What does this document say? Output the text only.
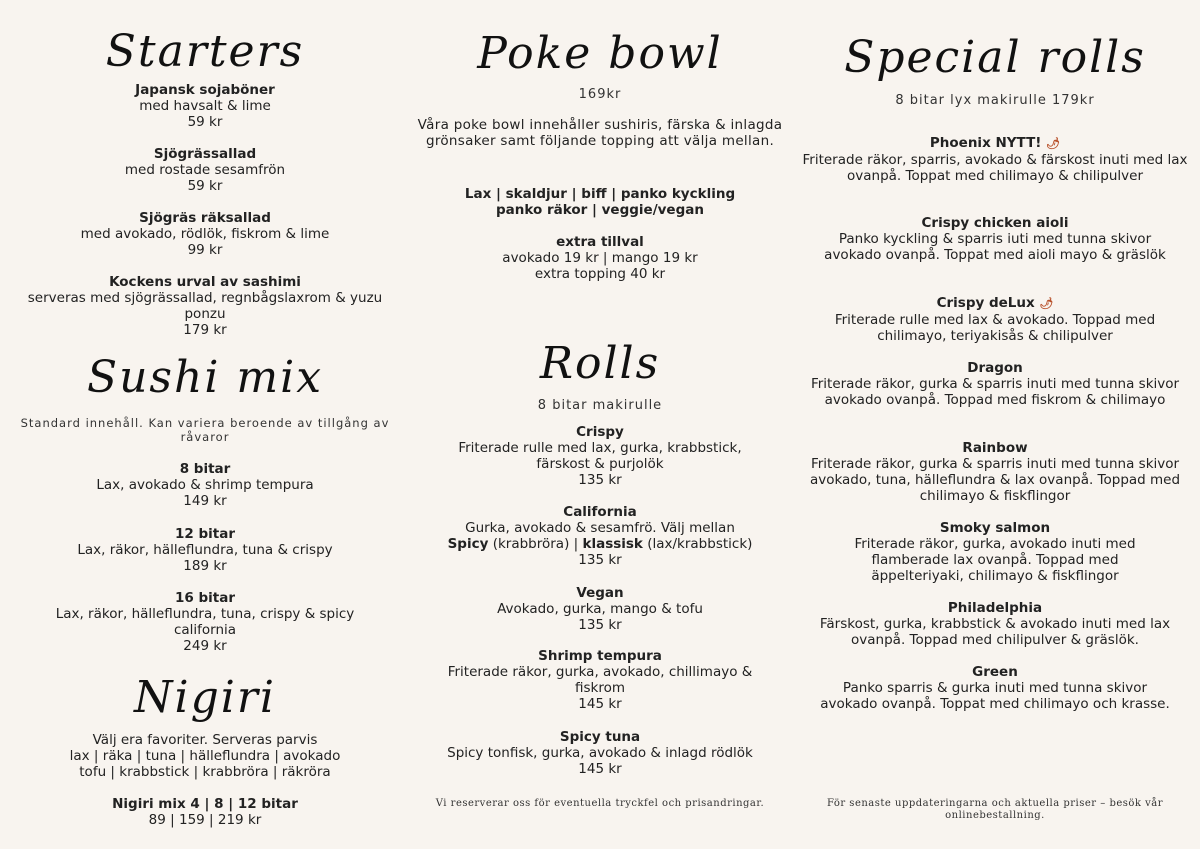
Starters

Japansk sojaböner

med havsalt & lime

59 kr

Sjögrässallad

med rostade sesamfrön

59 kr

Sjögräs räksallad

med avokado, rödlök, fiskrom & lime

99 kr

Kockens urval av sashimi

serveras med sjögrässallad, regnbågslaxrom & yuzu ponzu

179 kr

Sushi mix
Standard innehåll. Kan variera beroende av tillgång av råvaror

8 bitar

Lax, avokado & shrimp tempura

149 kr

12 bitar

Lax, räkor, hälleflundra, tuna & crispy

189 kr

16 bitar

Lax, räkor, hälleflundra, tuna, crispy & spicy california

249 kr

Nigiri

Välj era favoriter. Serveras parvis

lax | räka | tuna | hälleflundra | avokado

tofu | krabbstick | krabbröra | räkröra

Nigiri mix 4 | 8 | 12 bitar

89 | 159 | 219 kr

Poke bowl
169kr
Våra poke bowl innehåller sushiris, färska & inlagda grönsaker samt följande topping att välja mellan.

Lax | skaldjur | biff | panko kyckling

panko räkor | veggie/vegan

extra tillval

avokado 19 kr | mango 19 kr

extra topping 40 kr

Rolls
8 bitar makirulle

Crispy

Friterade rulle med lax, gurka, krabbstick, färskost & purjolök

135 kr

California

Gurka, avokado & sesamfrö. Välj mellan

Spicy (krabbröra) | klassisk (lax/krabbstick)

135 kr

Vegan

Avokado, gurka, mango & tofu

135 kr

Shrimp tempura

Friterade räkor, gurka, avokado, chillimayo & fiskrom

145 kr

Spicy tuna

Spicy tonfisk, gurka, avokado & inlagd rödlök

145 kr

Vi reserverar oss för eventuella tryckfel och prisandringar.
Special rolls
8 bitar lyx makirulle 179kr

Phoenix NYTT! 🌶

Friterade räkor, sparris, avokado & färskost inuti med lax ovanpå. Toppat med chilimayo & chilipulver

Crispy chicken aioli

Panko kyckling & sparris iuti med tunna skivor avokado ovanpå. Toppat med aioli mayo & gräslök

Crispy deLux 🌶

Friterade rulle med lax & avokado. Toppad med chilimayo, teriyakisås & chilipulver

Dragon

Friterade räkor, gurka & sparris inuti med tunna skivor avokado ovanpå. Toppad med fiskrom & chilimayo

Rainbow

Friterade räkor, gurka & sparris inuti med tunna skivor avokado, tuna, hälleflundra & lax ovanpå. Toppad med chilimayo & fiskflingor

Smoky salmon

Friterade räkor, gurka, avokado inuti med flamberade lax ovanpå. Toppad med äppelteriyaki, chilimayo & fiskflingor

Philadelphia

Färskost, gurka, krabbstick & avokado inuti med lax ovanpå. Toppad med chilipulver & gräslök.

Green

Panko sparris & gurka inuti med tunna skivor avokado ovanpå. Toppat med chilimayo och krasse.

För senaste uppdateringarna och aktuella priser – besök vår onlinebestallning.
